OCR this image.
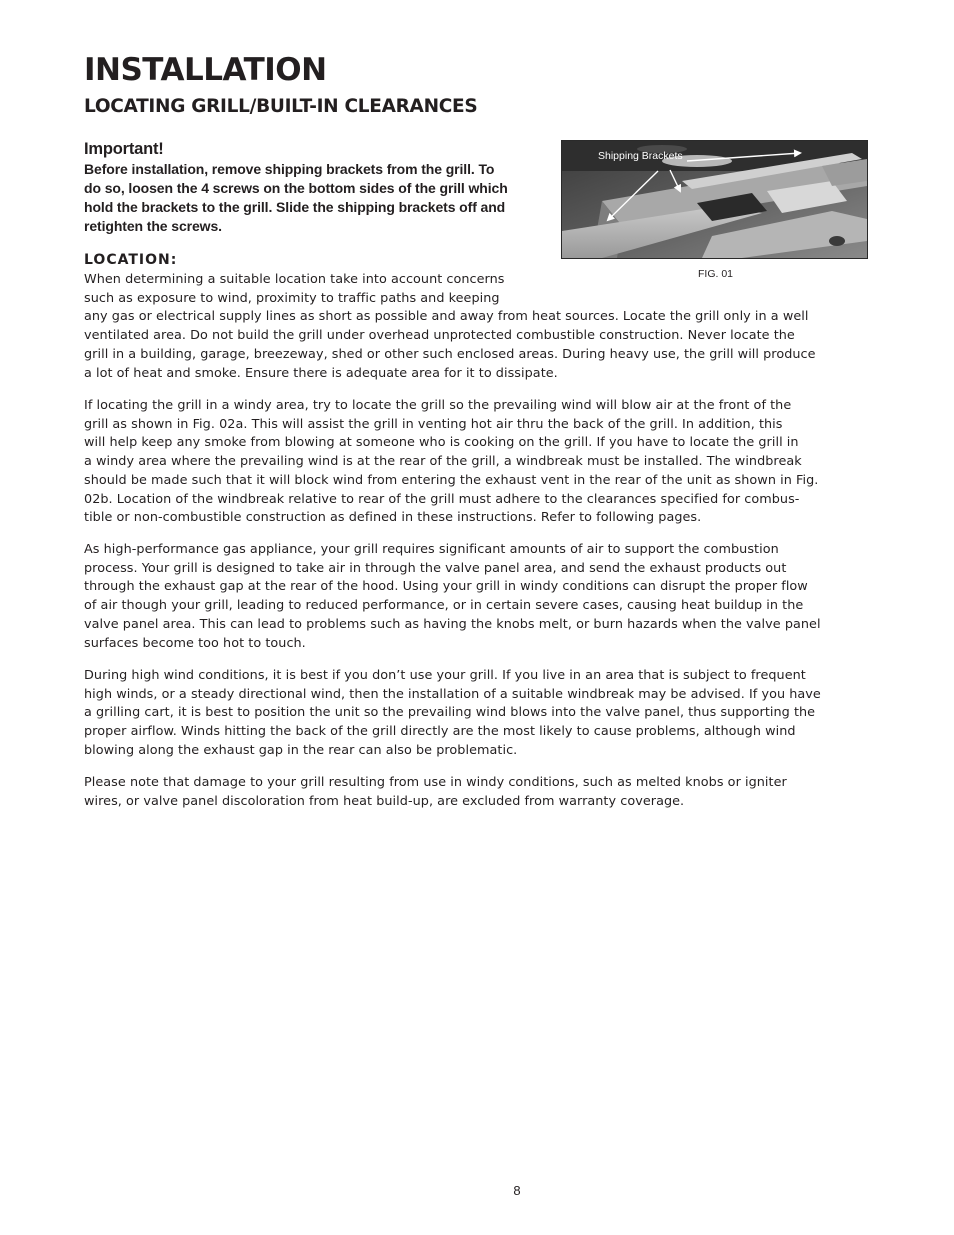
INSTALLATION
LOCATING GRILL/BUILT-IN CLEARANCES
Important!

Before installation, remove shipping brackets from the grill. To
do so, loosen the 4 screws on the bottom sides of the grill which
hold the brackets to the grill. Slide the shipping brackets off and
retighten the screws.

Shipping Brackets
FIG. 01
LOCATION:

When determining a suitable location take into account concerns
such as exposure to wind, proximity to traffic paths and keeping
any gas or electrical supply lines as short as possible and away from heat sources. Locate the grill only in a well
ventilated area. Do not build the grill under overhead unprotected combustible construction. Never locate the
grill in a building, garage, breezeway, shed or other such enclosed areas. During heavy use, the grill will produce
a lot of heat and smoke. Ensure there is adequate area for it to dissipate.

If locating the grill in a windy area, try to locate the grill so the prevailing wind will blow air at the front of the
grill as shown in Fig. 02a. This will assist the grill in venting hot air thru the back of the grill. In addition, this
will help keep any smoke from blowing at someone who is cooking on the grill. If you have to locate the grill in
a windy area where the prevailing wind is at the rear of the grill, a windbreak must be installed. The windbreak
should be made such that it will block wind from entering the exhaust vent in the rear of the unit as shown in Fig.
02b. Location of the windbreak relative to rear of the grill must adhere to the clearances specified for combus-
tible or non-combustible construction as defined in these instructions. Refer to following pages.

As high-performance gas appliance, your grill requires significant amounts of air to support the combustion
process. Your grill is designed to take air in through the valve panel area, and send the exhaust products out
through the exhaust gap at the rear of the hood. Using your grill in windy conditions can disrupt the proper flow
of air though your grill, leading to reduced performance, or in certain severe cases, causing heat buildup in the
valve panel area. This can lead to problems such as having the knobs melt, or burn hazards when the valve panel
surfaces become too hot to touch.

During high wind conditions, it is best if you don’t use your grill. If you live in an area that is subject to frequent
high winds, or a steady directional wind, then the installation of a suitable windbreak may be advised. If you have
a grilling cart, it is best to position the unit so the prevailing wind blows into the valve panel, thus supporting the
proper airflow. Winds hitting the back of the grill directly are the most likely to cause problems, although wind
blowing along the exhaust gap in the rear can also be problematic.

Please note that damage to your grill resulting from use in windy conditions, such as melted knobs or igniter
wires, or valve panel discoloration from heat build-up, are excluded from warranty coverage.

8
